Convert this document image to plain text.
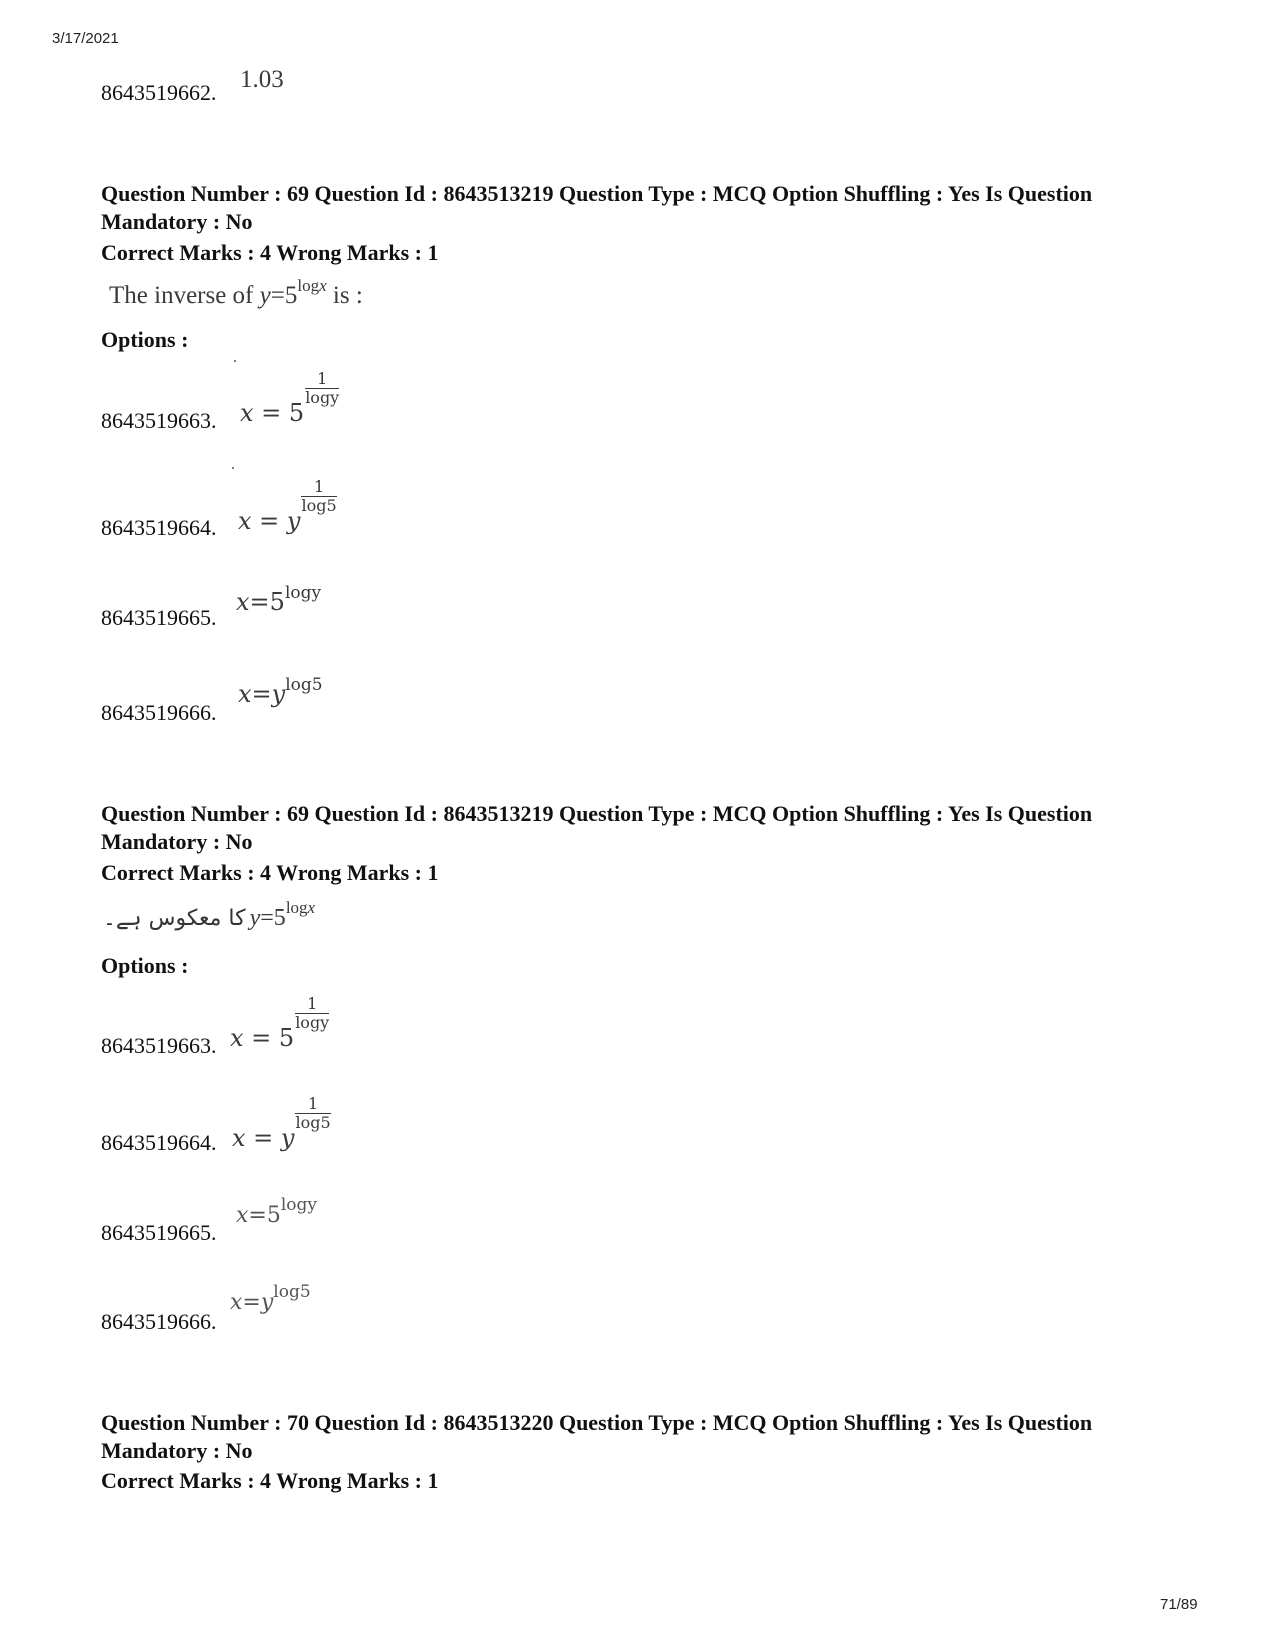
3/17/2021
8643519662. 1.03
Question Number : 69 Question Id : 8643513219 Question Type : MCQ Option Shuffling : Yes Is Question Mandatory : No
Correct Marks : 4 Wrong Marks : 1
The inverse of $y=5^{logx}$ is :
Options :
8643519663. x = 5
$\frac{1}{\log y}$
8643519664. x = y
$\frac{1}{\log 5}$
8643519665.
$x=5^{logy}$
8643519666.
$x=y^{log5}$
Question Number : 69 Question Id : 8643513219 Question Type : MCQ Option Shuffling : Yes Is Question Mandatory : No
Correct Marks : 4 Wrong Marks : 1
کا معکوس ہے۔ $y=5^{logx}$
Options :
8643519663. x = 5
$\frac{1}{\log y}$
8643519664. x = y
$\frac{1}{\log 5}$
8643519665.
$x=5^{logy}$
8643519666.
$x=y^{log5}$
Question Number : 70 Question Id : 8643513220 Question Type : MCQ Option Shuffling : Yes Is Question Mandatory : No
Correct Marks : 4 Wrong Marks : 1
71/89
